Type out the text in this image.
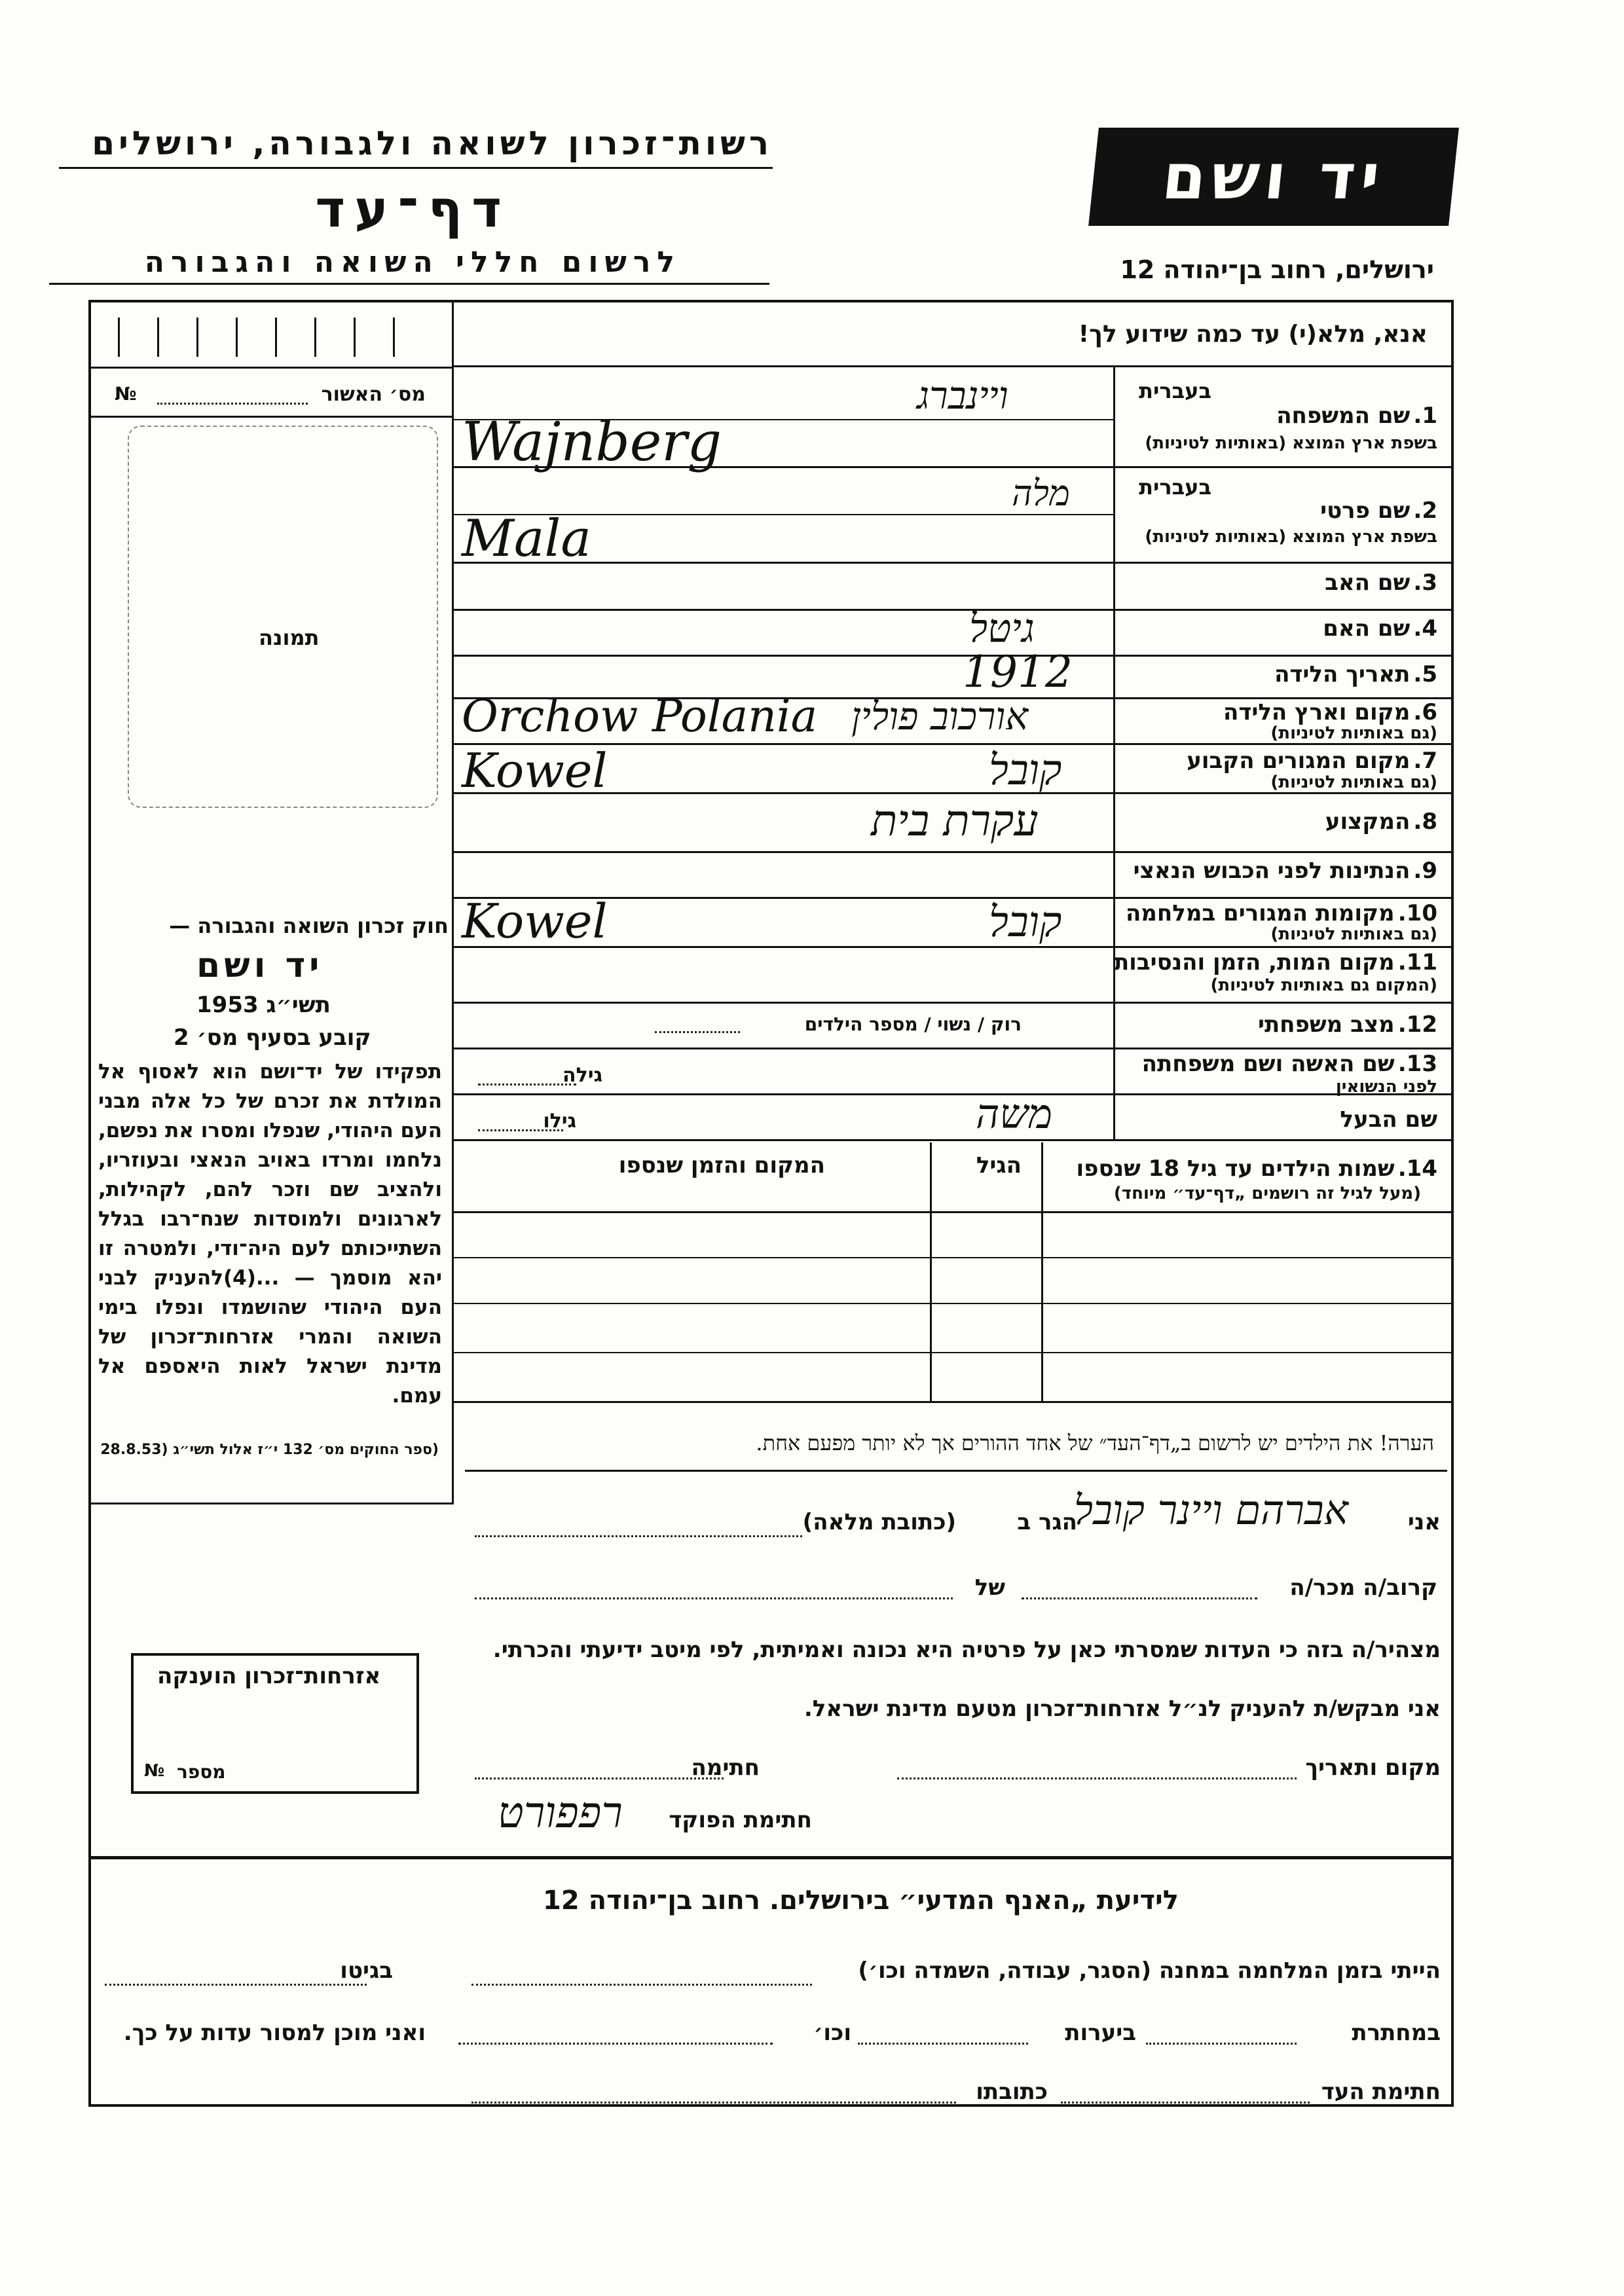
רשות־זכרון לשואה ולגבורה, ירושלים
דף־עד
לרשום חללי השואה והגבורה
יד ושם
ירושלים, רחוב בן־יהודה 12
אנא, מלא(י) עד כמה שידוע לך!
מס׳ האשור
№
תמונה
בעברית
1. שם המשפחה
בשפת ארץ המוצא (באותיות לטיניות)
ויינברג
Wajnberg
בעברית
2. שם פרטי
בשפת ארץ המוצא (באותיות לטיניות)
מלה
Mala
3. שם האב
4. שם האם
גיטל
5. תאריך הלידה
1912
6. מקום וארץ הלידה
(גם באותיות לטיניות)
Orchow Polania אורכוב פולין
7. מקום המגורים הקבוע
(גם באותיות לטיניות)
Kowel	קובל
8. המקצוע
עקרת בית
9. הנתינות לפני הכבוש הנאצי
10. מקומות המגורים במלחמה
(גם באותיות לטיניות)
Kowel	קובל
11. מקום המות, הזמן והנסיבות
(המקום גם באותיות לטיניות)
12. מצב משפחתי
רוק / נשוי / מספר הילדים
13. שם האשה ושם משפחתה
לפני הנשואין
גילה
שם הבעל
משה
גילו
14. שמות הילדים עד גיל 18 שנספו
(מעל לגיל זה רושמים „דף־עד״ מיוחד)
הגיל
המקום והזמן שנספו
הערה! את הילדים יש לרשום ב„דף־העד״ של אחד ההורים אך לא יותר מפעם אחת.
חוק זכרון השואה והגבורה —
יד ושם
תשי״ג 1953
קובע בסעיף מס׳ 2
תפקידו של יד־ושם הוא לאסוף אל המולדת את זכרם של כל אלה מבני העם היהודי, שנפלו ומסרו את נפשם, נלחמו ומרדו באויב הנאצי ובעוזריו, ולהציב שם וזכר להם, לקהילות, לארגונים ולמוסדות שנח־רבו בגלל השתייכותם לעם היה־ודי, ולמטרה זו יהא מוסמך — ...(4)להעניק לבני העם היהודי שהושמדו ונפלו בימי השואה והמרי אזרחות־זכרון של מדינת ישראל לאות היאספם אל עמם.
(ספר החוקים מס׳ 132 י״ז אלול תשי״ג (28.8.53
אני
אברהם ויינר קובל
הגר ב
(כתובת מלאה)
קרוב/ה מכר/ה
של
מצהיר/ה בזה כי העדות שמסרתי כאן על פרטיה היא נכונה ואמיתית, לפי מיטב ידיעתי והכרתי.
אני מבקש/ת להעניק לנ״ל אזרחות־זכרון מטעם מדינת ישראל.
מקום ותאריך
חתימה
חתימת הפוקד
רפפורט
אזרחות־זכרון הוענקה
מספר
№
לידיעת „האנף המדעי״ בירושלים. רחוב בן־יהודה 12
הייתי בזמן המלחמה במחנה (הסגר, עבודה, השמדה וכו׳)
בגיטו
במחתרת
ביערות
וכו׳
ואני מוכן למסור עדות על כך.
חתימת העד
כתובתו
